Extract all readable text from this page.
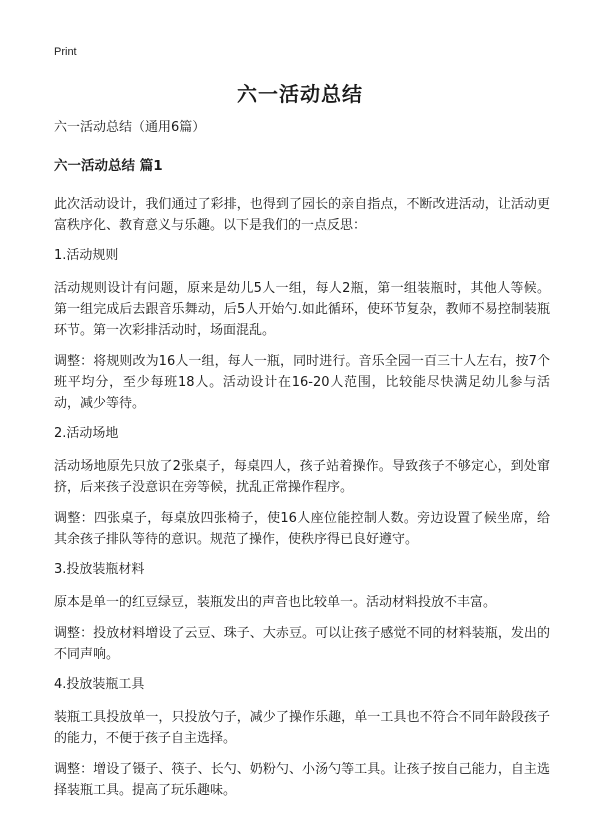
Print
六一活动总结
六一活动总结（通用6篇）
六一活动总结 篇1
此次活动设计，我们通过了彩排，也得到了园长的亲自指点，不断改进活动，让活动更富秩序化、教育意义与乐趣。以下是我们的一点反思：
1.活动规则
活动规则设计有问题，原来是幼儿5人一组，每人2瓶，第一组装瓶时，其他人等候。第一组完成后去跟音乐舞动，后5人开始勺.如此循环，使环节复杂，教师不易控制装瓶环节。第一次彩排活动时，场面混乱。
调整：将规则改为16人一组，每人一瓶，同时进行。音乐全园一百三十人左右，按7个班平均分，至少每班18人。活动设计在16-20人范围，比较能尽快满足幼儿参与活动，减少等待。
2.活动场地
活动场地原先只放了2张桌子，每桌四人，孩子站着操作。导致孩子不够定心，到处窜挤，后来孩子没意识在旁等候，扰乱正常操作程序。
调整：四张桌子，每桌放四张椅子，使16人座位能控制人数。旁边设置了候坐席，给其余孩子排队等待的意识。规范了操作，使秩序得已良好遵守。
3.投放装瓶材料
原本是单一的红豆绿豆，装瓶发出的声音也比较单一。活动材料投放不丰富。
调整：投放材料增设了云豆、珠子、大赤豆。可以让孩子感觉不同的材料装瓶，发出的不同声响。
4.投放装瓶工具
装瓶工具投放单一，只投放勺子，减少了操作乐趣，单一工具也不符合不同年龄段孩子的能力，不便于孩子自主选择。
调整：增设了镊子、筷子、长勺、奶粉勺、小汤勺等工具。让孩子按自己能力，自主选择装瓶工具。提高了玩乐趣味。
